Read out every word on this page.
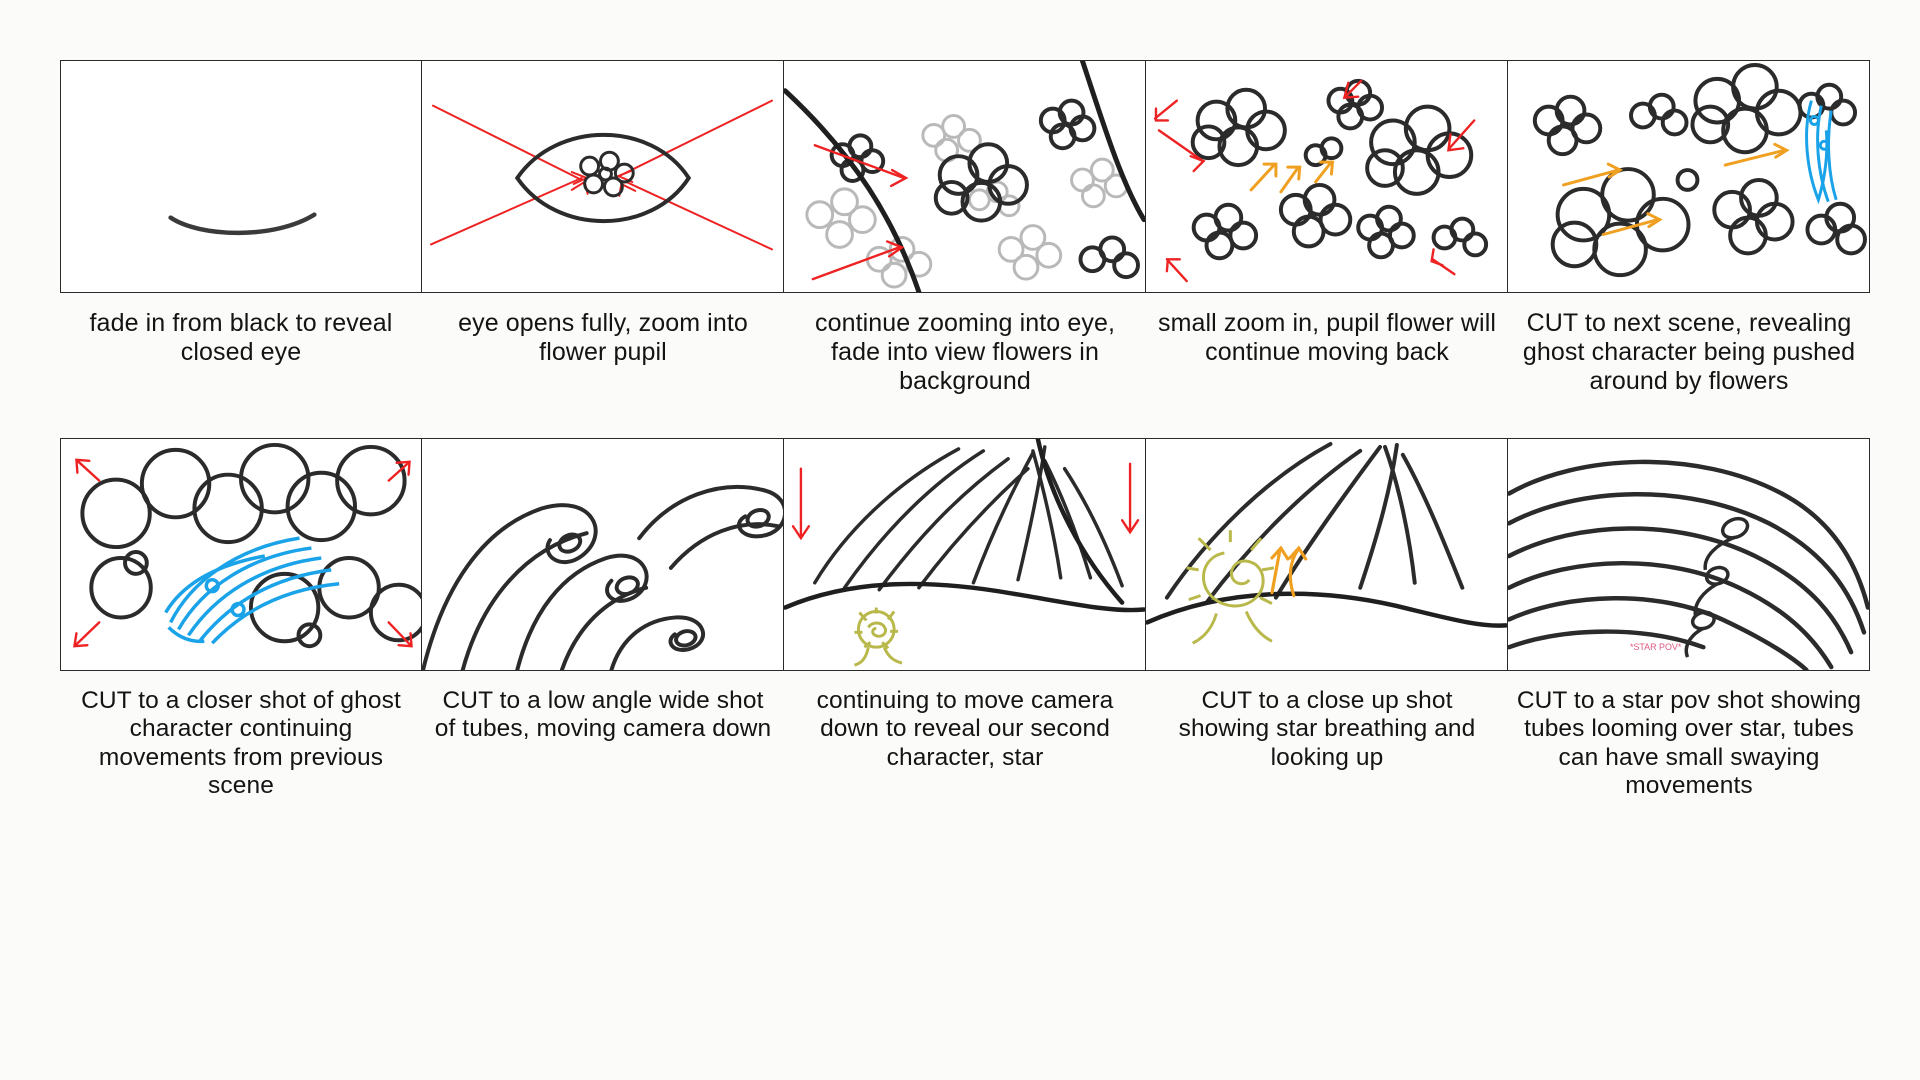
fade in from black to reveal closed eye
eye opens fully, zoom into flower pupil
continue zooming into eye, fade into view flowers in background
small zoom in, pupil flower will continue moving back
CUT to next scene, revealing ghost character being pushed around by flowers
CUT to a closer shot of ghost character continuing movements from previous scene
CUT to a low angle wide shot of tubes, moving camera down
continuing to move camera down to reveal our second character, star
CUT to a close up shot showing star breathing and looking up
*STAR POV*
CUT to a star pov shot showing tubes looming over star, tubes can have small swaying movements
